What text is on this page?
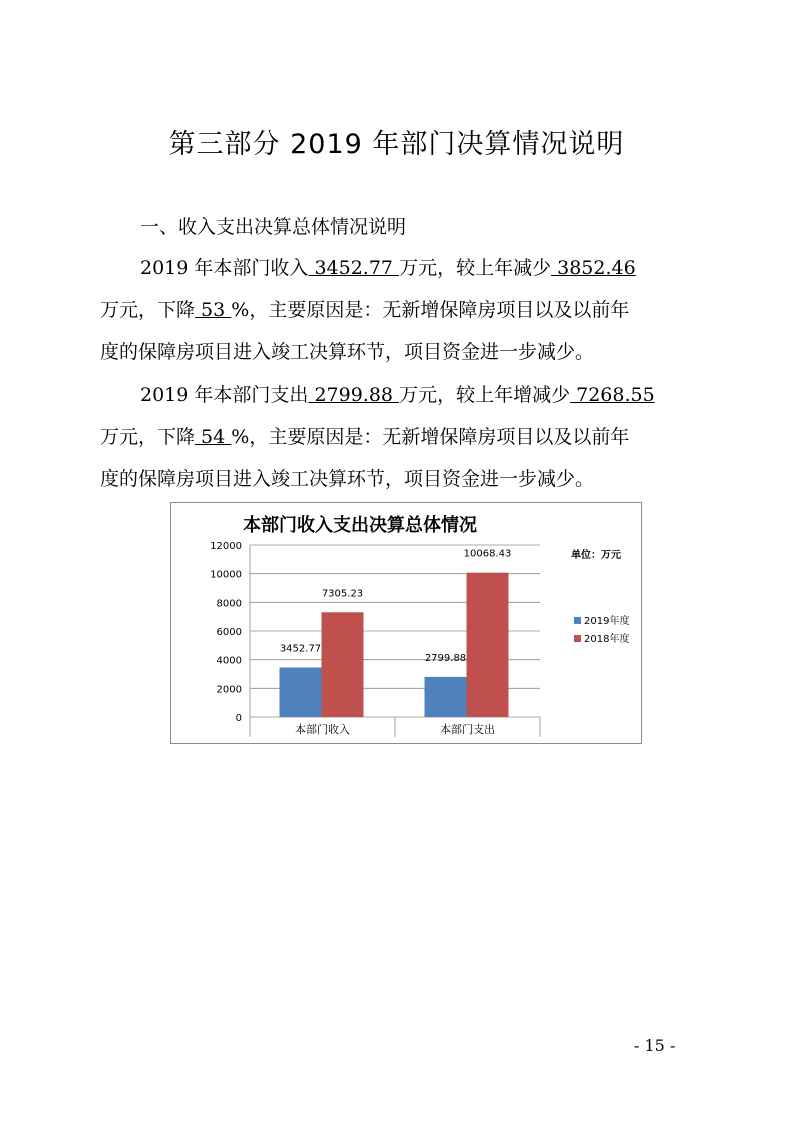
第三部分 2019 年部门决算情况说明
一、收入支出决算总体情况说明
2019 年本部门收入 3452.77 万元，较上年减少 3852.46
万元，下降 53 %，主要原因是：无新增保障房项目以及以前年
度的保障房项目进入竣工决算环节，项目资金进一步减少。
2019 年本部门支出 2799.88 万元，较上年增减少 7268.55
万元，下降 54 %，主要原因是：无新增保障房项目以及以前年
度的保障房项目进入竣工决算环节，项目资金进一步减少。
本部门收入支出决算总体情况
单位：万元
0
2000
4000
6000
8000
10000
12000
本部门收入	本部门支出
3452.77
2799.88
7305.23
10068.43
2019年度
2018年度
- 15 -
